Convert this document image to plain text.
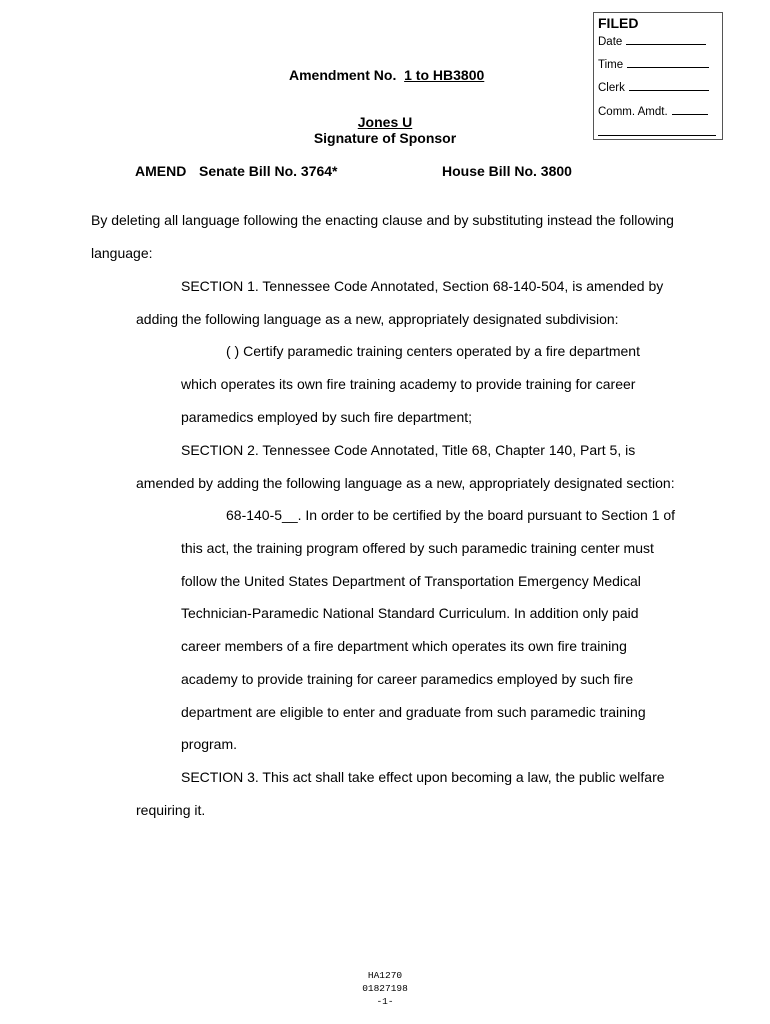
FILED
Date
Time
Clerk
Comm. Amdt.
Amendment No. 1 to HB3800
Jones U
Signature of Sponsor
AMEND Senate Bill No. 3764*	House Bill No. 3800
By deleting all language following the enacting clause and by substituting instead the following
language:
SECTION 1. Tennessee Code Annotated, Section 68-140-504, is amended by
adding the following language as a new, appropriately designated subdivision:
( ) Certify paramedic training centers operated by a fire department
which operates its own fire training academy to provide training for career
paramedics employed by such fire department;
SECTION 2. Tennessee Code Annotated, Title 68, Chapter 140, Part 5, is
amended by adding the following language as a new, appropriately designated section:
68-140-5__. In order to be certified by the board pursuant to Section 1 of
this act, the training program offered by such paramedic training center must
follow the United States Department of Transportation Emergency Medical
Technician-Paramedic National Standard Curriculum. In addition only paid
career members of a fire department which operates its own fire training
academy to provide training for career paramedics employed by such fire
department are eligible to enter and graduate from such paramedic training
program.
SECTION 3. This act shall take effect upon becoming a law, the public welfare
requiring it.
HA1270
01827198
-1-
